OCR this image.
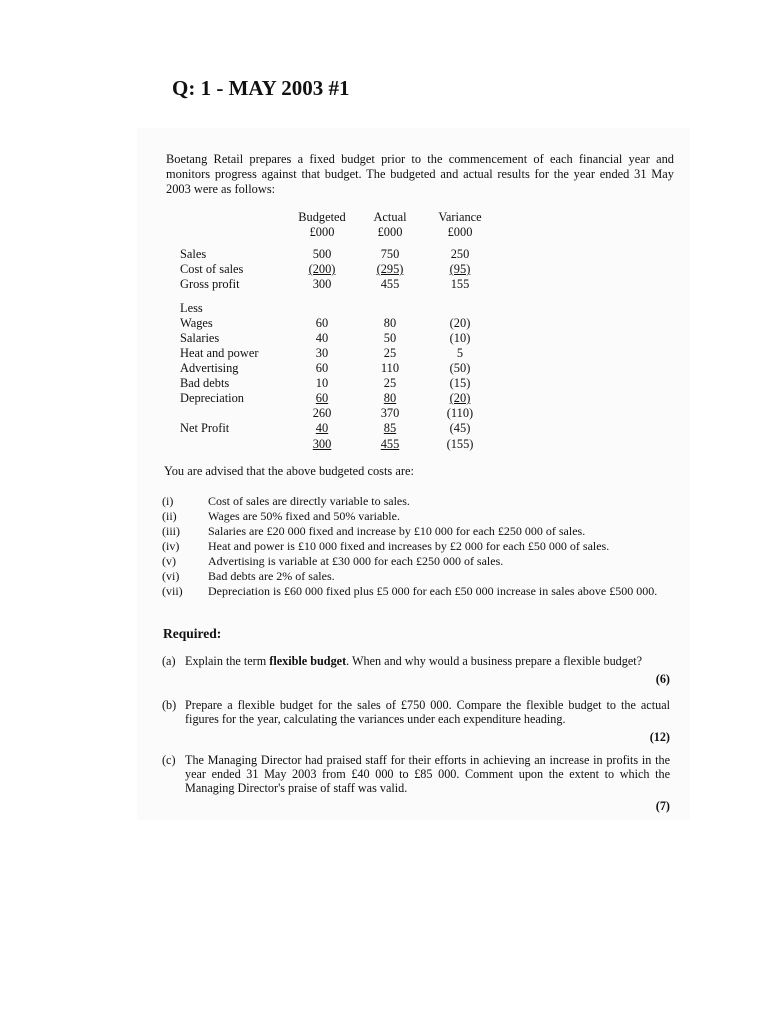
Q: 1 - MAY 2003 #1

Boetang Retail prepares a fixed budget prior to the commencement of each financial year and monitors progress against that budget. The budgeted and actual results for the year ended 31 May 2003 were as follows:

Budgeted	Actual	Variance
£000	£000	£000
Sales	500	750	250
Cost of sales	(200)	(295)	(95)
Gross profit	300	455	155
Less
Wages	60	80	(20)
Salaries	40	50	(10)
Heat and power	30	25	5
Advertising	60	110	(50)
Bad debts	10	25	(15)
Depreciation	60	80	(20)
260	370	(110)
Net Profit	40	85	(45)
300	455	(155)

You are advised that the above budgeted costs are:

(i)	Cost of sales are directly variable to sales.
(ii)	Wages are 50% fixed and 50% variable.
(iii)	Salaries are £20 000 fixed and increase by £10 000 for each £250 000 of sales.
(iv)	Heat and power is £10 000 fixed and increases by £2 000 for each £50 000 of sales.
(v)	Advertising is variable at £30 000 for each £250 000 of sales.
(vi)	Bad debts are 2% of sales.
(vii)	Depreciation is £60 000 fixed plus £5 000 for each £50 000 increase in sales above £500 000.

Required:

(a) Explain the term flexible budget. When and why would a business prepare a flexible budget?
(6)
(b) Prepare a flexible budget for the sales of £750 000. Compare the flexible budget to the actual figures for the year, calculating the variances under each expenditure heading.
(12)
(c) The Managing Director had praised staff for their efforts in achieving an increase in profits in the year ended 31 May 2003 from £40 000 to £85 000. Comment upon the extent to which the Managing Director's praise of staff was valid.
(7)
